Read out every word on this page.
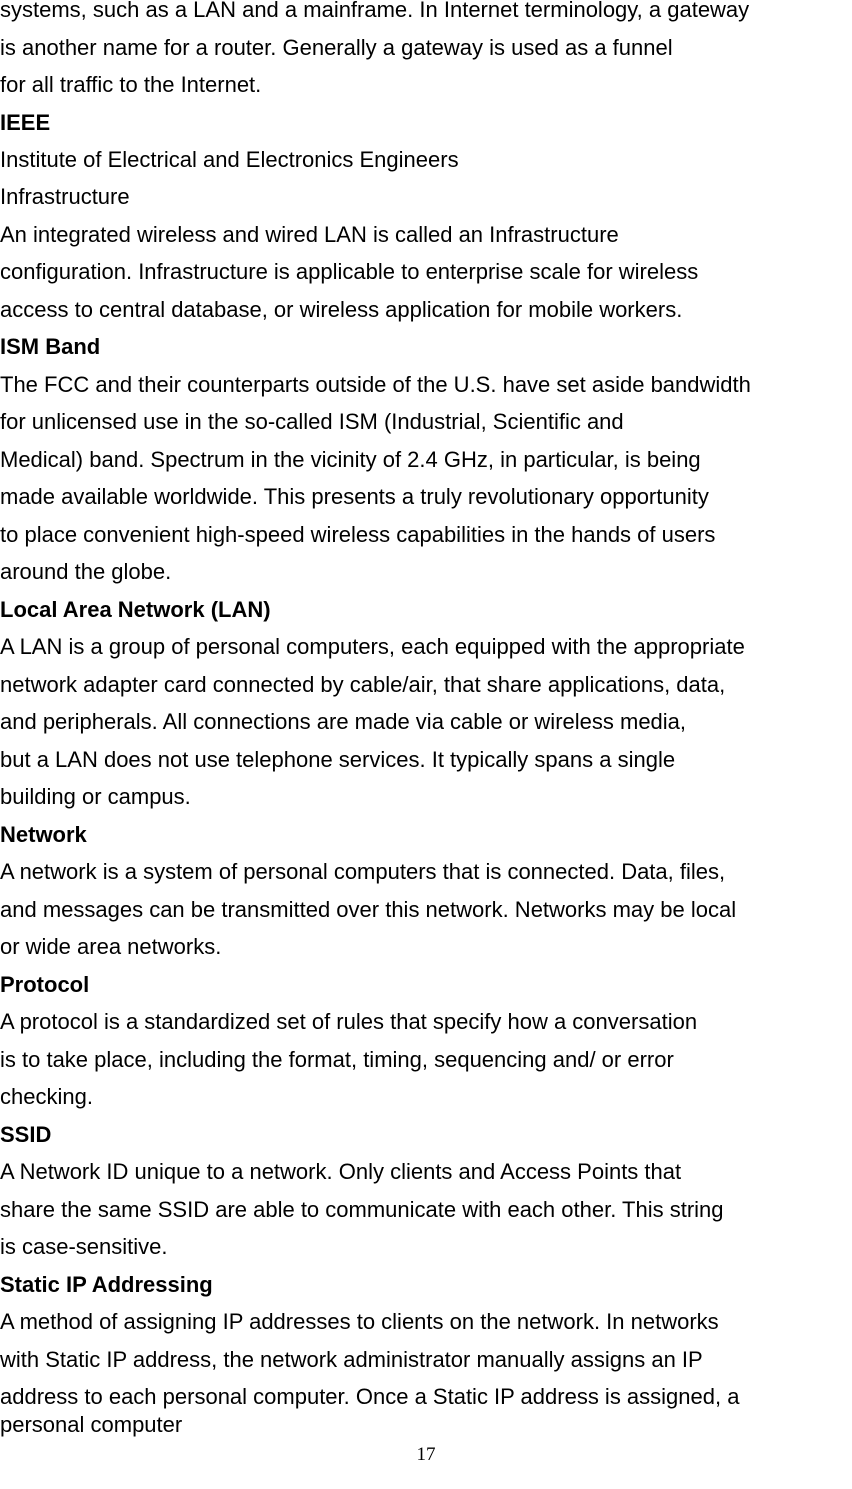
systems, such as a LAN and a mainframe. In Internet terminology, a gateway

is another name for a router. Generally a gateway is used as a funnel

for all traffic to the Internet.

IEEE

Institute of Electrical and Electronics Engineers

Infrastructure

An integrated wireless and wired LAN is called an Infrastructure

configuration. Infrastructure is applicable to enterprise scale for wireless

access to central database, or wireless application for mobile workers.

ISM Band

The FCC and their counterparts outside of the U.S. have set aside bandwidth

for unlicensed use in the so-called ISM (Industrial, Scientific and

Medical) band. Spectrum in the vicinity of 2.4 GHz, in particular, is being

made available worldwide. This presents a truly revolutionary opportunity

to place convenient high-speed wireless capabilities in the hands of users

around the globe.

Local Area Network (LAN)

A LAN is a group of personal computers, each equipped with the appropriate

network adapter card connected by cable/air, that share applications, data,

and peripherals. All connections are made via cable or wireless media,

but a LAN does not use telephone services. It typically spans a single

building or campus.

Network

A network is a system of personal computers that is connected. Data, files,

and messages can be transmitted over this network. Networks may be local

or wide area networks.

Protocol

A protocol is a standardized set of rules that specify how a conversation

is to take place, including the format, timing, sequencing and/ or error

checking.

SSID

A Network ID unique to a network. Only clients and Access Points that

share the same SSID are able to communicate with each other. This string

is case-sensitive.

Static IP Addressing

A method of assigning IP addresses to clients on the network. In networks

with Static IP address, the network administrator manually assigns an IP

address to each personal computer. Once a Static IP address is assigned, a

personal computer

17
